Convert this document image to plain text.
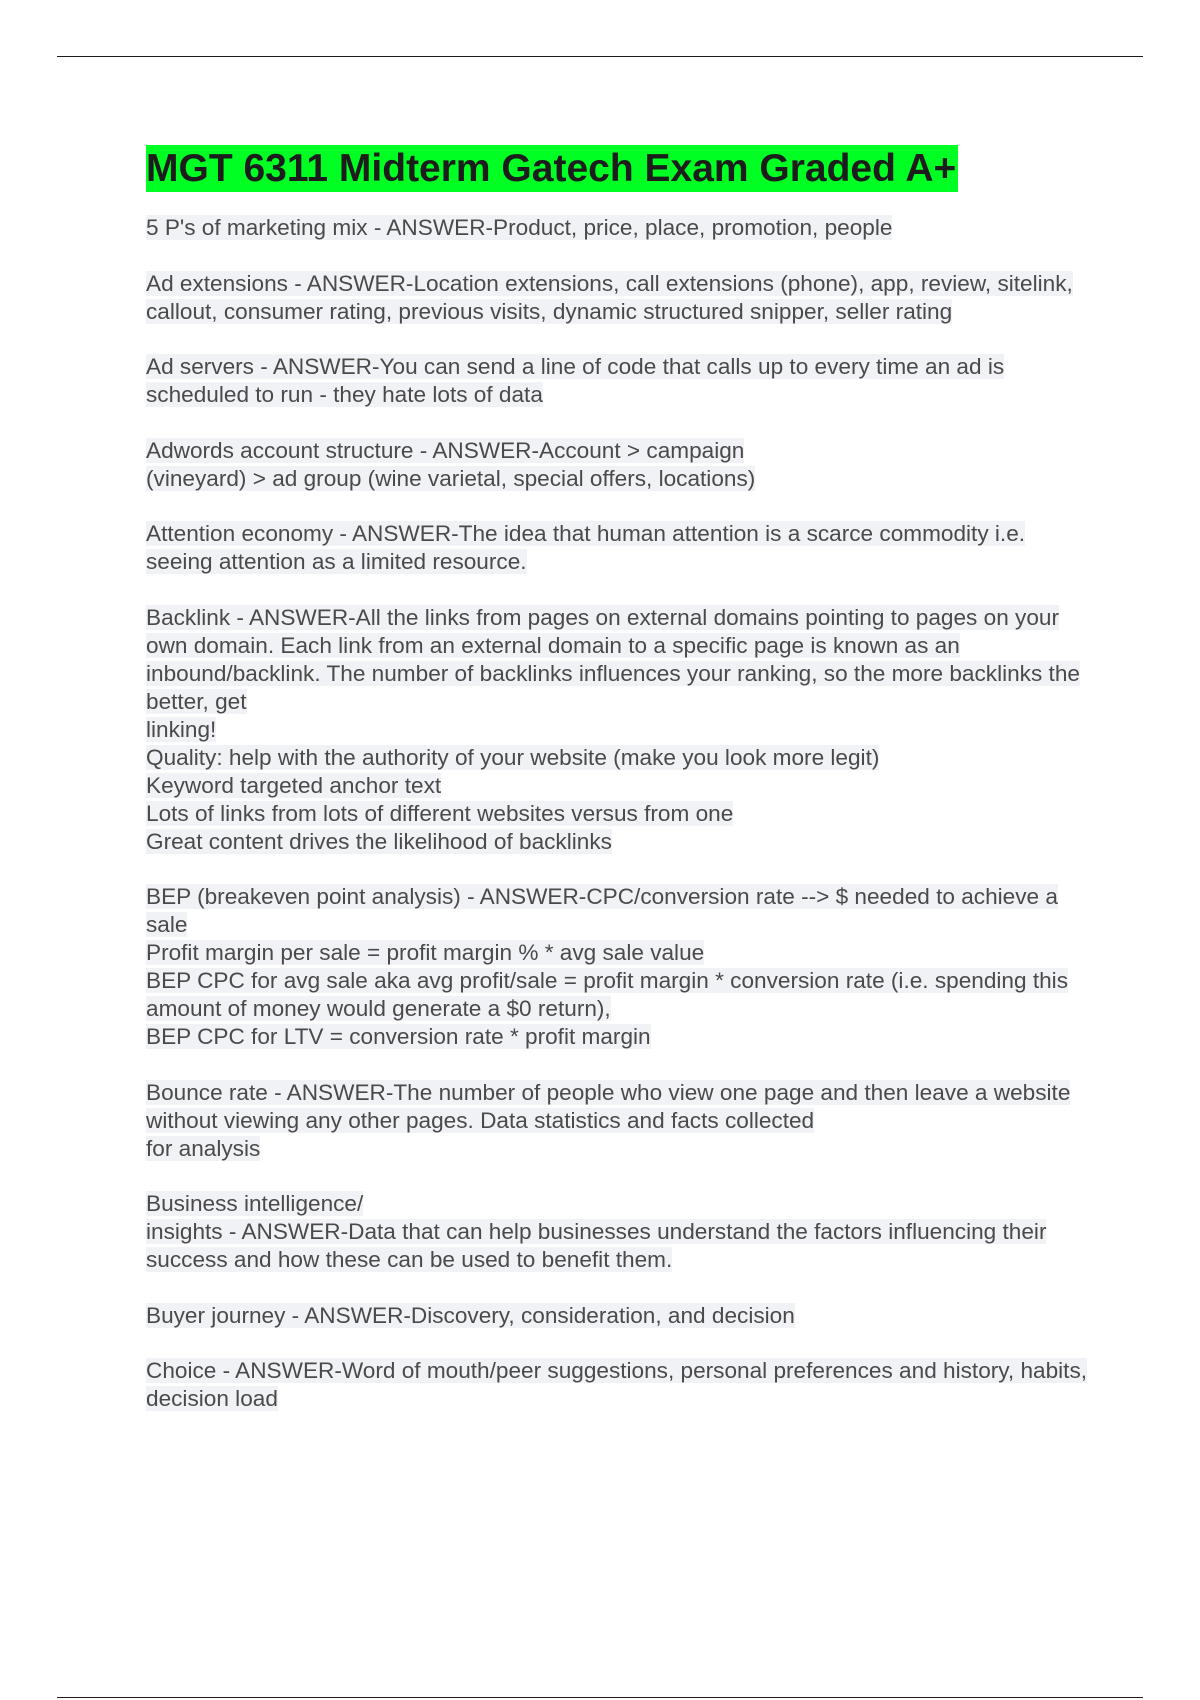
MGT 6311 Midterm Gatech Exam Graded A+

5 P's of marketing mix - ANSWER-Product, price, place, promotion, people

Ad extensions - ANSWER-Location extensions, call extensions (phone), app, review, sitelink, callout, consumer rating, previous visits, dynamic structured snipper, seller rating

Ad servers - ANSWER-You can send a line of code that calls up to every time an ad is scheduled to run - they hate lots of data

Adwords account structure - ANSWER-Account > campaign

(vineyard) > ad group (wine varietal, special offers, locations)

Attention economy - ANSWER-The idea that human attention is a scarce commodity i.e. seeing attention as a limited resource.

Backlink - ANSWER-All the links from pages on external domains pointing to pages on your own domain. Each link from an external domain to a specific page is known as an inbound/backlink. The number of backlinks influences your ranking, so the more backlinks the better, get

linking!

Quality: help with the authority of your website (make you look more legit)

Keyword targeted anchor text

Lots of links from lots of different websites versus from one

Great content drives the likelihood of backlinks

BEP (breakeven point analysis) - ANSWER-CPC/conversion rate --> $ needed to achieve a sale

Profit margin per sale = profit margin % * avg sale value

BEP CPC for avg sale aka avg profit/sale = profit margin * conversion rate (i.e. spending this amount of money would generate a $0 return),

BEP CPC for LTV = conversion rate * profit margin

Bounce rate - ANSWER-The number of people who view one page and then leave a website without viewing any other pages. Data statistics and facts collected

for analysis

Business intelligence/

insights - ANSWER-Data that can help businesses understand the factors influencing their success and how these can be used to benefit them.

Buyer journey - ANSWER-Discovery, consideration, and decision

Choice - ANSWER-Word of mouth/peer suggestions, personal preferences and history, habits, decision load
